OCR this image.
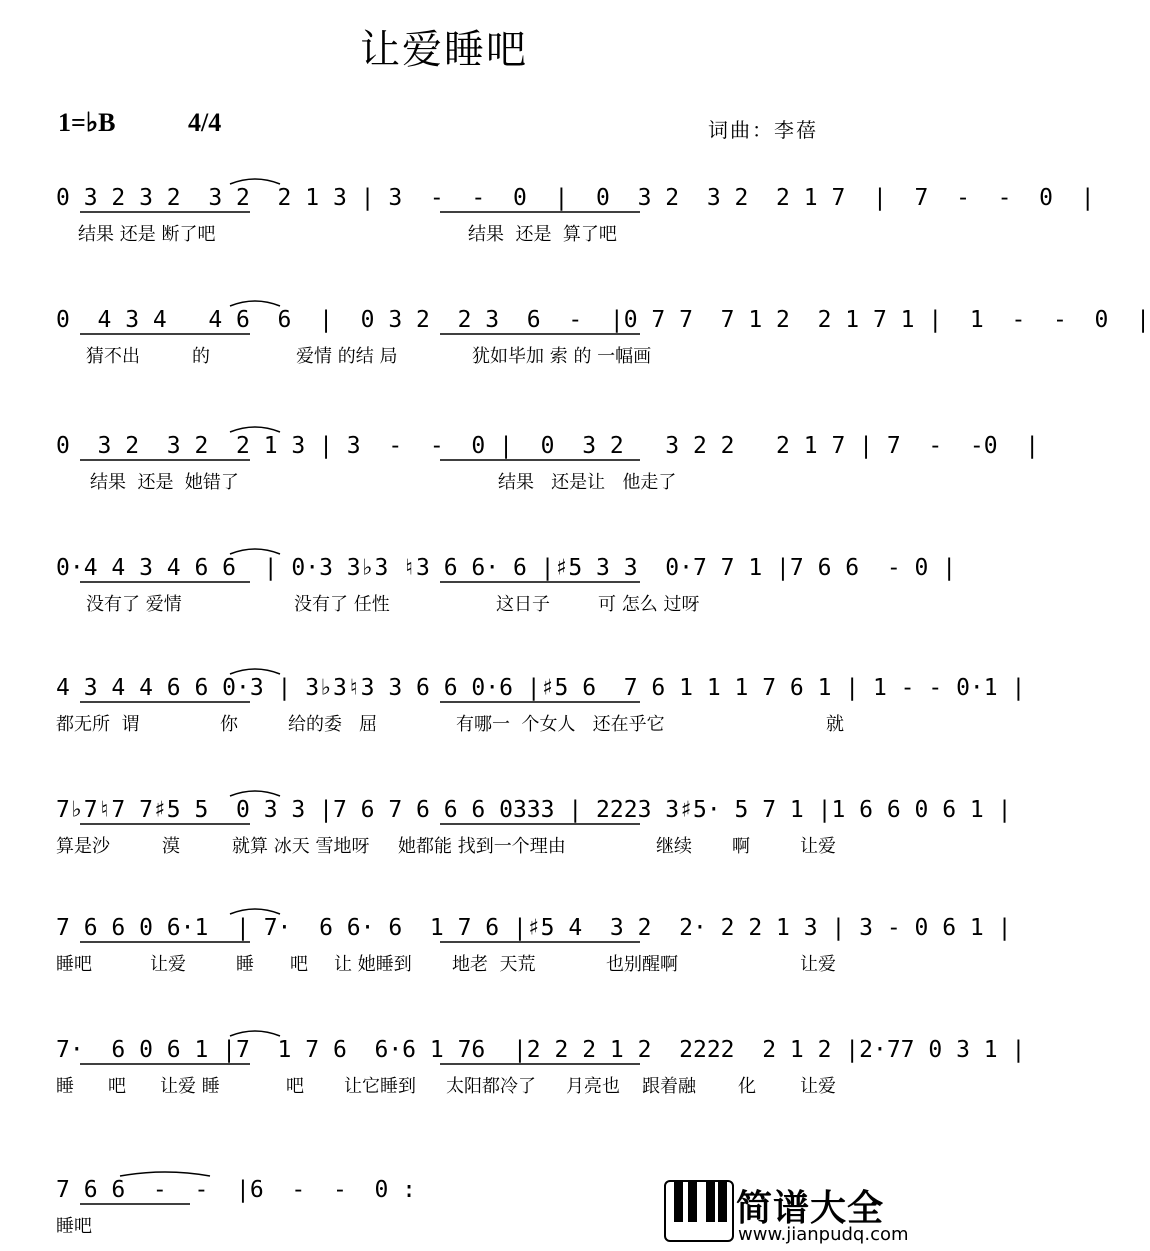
让爱睡吧
1=♭B	4/4	词曲：李蓓
0 3 2 3 2  3 2  2 1 3 | 3  -  -  0  |  0  3 2  3 2  2 1 7  |  7  -  -  0  |
结果 还是 断了吧	结果  还是  算了吧
0  4 3 4   4 6  6  |  0 3 2  2 3  6  -  |0 7 7  7 1 2  2 1 7 1 |  1  -  -  0  |
猜不出	的	爱情 的结 局	犹如毕加 索 的 一幅画
0  3 2  3 2  2 1 3 | 3  -  -  0 |  0  3 2   3 2 2   2 1 7 | 7  -  -0  |
结果  还是  她错了	结果   还是让   他走了
0·4 4 3 4 6 6  | 0·3 3♭3 ♮3 6 6· 6 |♯5 3 3  0·7 7 1 |7 6 6  - 0 |
没有了 爱情	没有了 任性	这日子	可 怎么 过呀
4 3 4 4 6 6 0·3 | 3♭3♮3 3 6 6 0·6 |♯5 6  7 6 1 1 1 7 6 1 | 1 - - 0·1 |
都无所  谓	你	给的委   屈	有哪一  个女人   还在乎它	就
7♭7♮7 7♯5 5  0 3 3 |7 6 7 6 6 6 0333 | 2223 3♯5· 5 7 1 |1 6 6 0 6 1 |
算是沙	漠	就算 冰天 雪地呀 她都能 找到一个理由	继续 啊	让爱
7 6 6 0 6·1  | 7·  6 6· 6  1 7 6 |♯5 4  3 2  2· 2 2 1 3 | 3 - 0 6 1 |
睡吧	让爱	睡 吧 让 她睡到 地老  天荒	也别醒啊	让爱
7·  6 0 6 1 |7  1 7 6  6·6 1 76  |2 2 2 1 2  2222  2 1 2 |2·77 0 3 1 |
睡 吧 让爱 睡	吧 让它睡到 太阳都冷了 月亮也 跟着融 化 让爱
7 6 6  -  -  |6  -  -  0 :
睡吧	简谱大全
www.jianpudq.com
